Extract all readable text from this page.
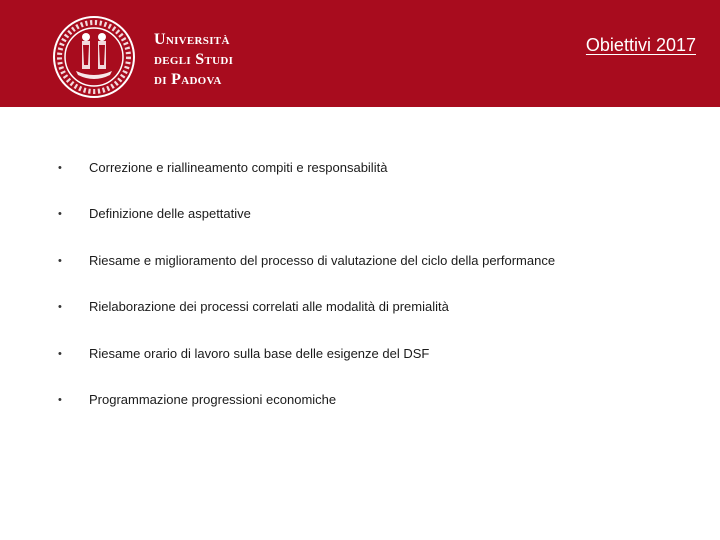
Università
degli Studi
di Padova
Obiettivi 2017
•	Correzione e riallineamento compiti e responsabilità
•	Definizione delle aspettative
•	Riesame e miglioramento del processo di valutazione del ciclo della performance
•	Rielaborazione dei processi correlati alle modalità di premialità
•	Riesame orario di lavoro sulla base delle esigenze del DSF
•	Programmazione progressioni economiche
